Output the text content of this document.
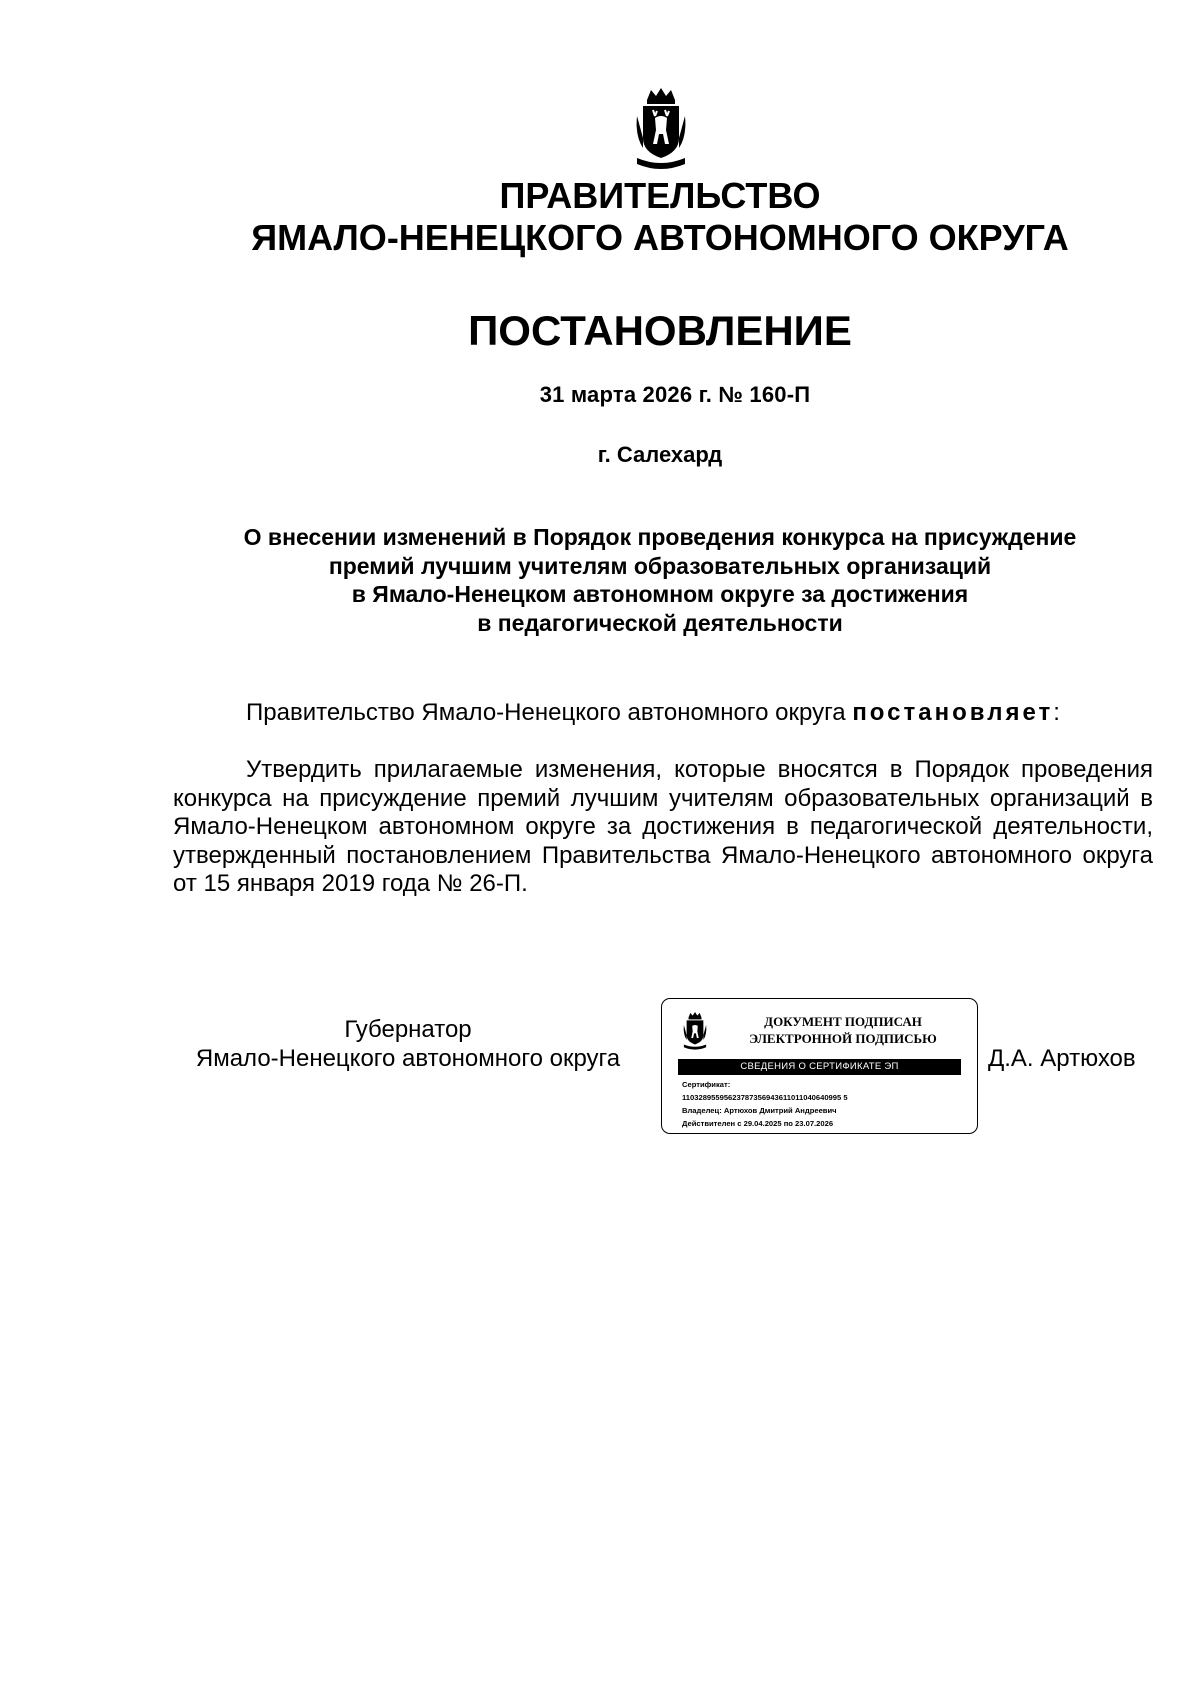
ПРАВИТЕЛЬСТВО
ЯМАЛО-НЕНЕЦКОГО АВТОНОМНОГО ОКРУГА
ПОСТАНОВЛЕНИЕ
31 марта 2026 г. № 160-П
г. Салехард
О внесении изменений в Порядок проведения конкурса на присуждение
премий лучшим учителям образовательных организаций
в Ямало-Ненецком автономном округе за достижения
в педагогической деятельности
Правительство Ямало-Ненецкого автономного округа постановляет:

Утвердить прилагаемые изменения, которые вносятся в Порядок проведения конкурса на присуждение премий лучшим учителям образовательных организаций в Ямало-Ненецком автономном округе за достижения в педагогической деятельности, утвержденный постановлением Правительства Ямало-Ненецкого автономного округа от 15 января 2019 года № 26-П.

Губернатор
Ямало-Ненецкого автономного округа
ДОКУМЕНТ ПОДПИСАН
ЭЛЕКТРОННОЙ ПОДПИСЬЮ
СВЕДЕНИЯ О СЕРТИФИКАТЕ ЭП
Сертификат:
11032895595623787356943611011040640995 5
Владелец: Артюхов Дмитрий Андреевич
Действителен с 29.04.2025 по 23.07.2026
Д.А. Артюхов
